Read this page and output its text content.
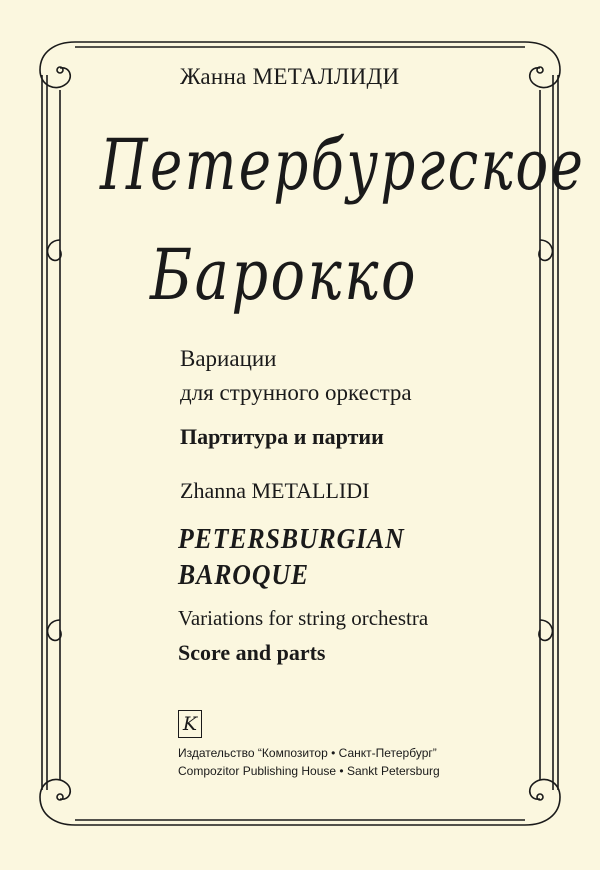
Жанна МЕТАЛЛИДИ
Петербургское
Барокко
Вариации
для струнного оркестра
Партитура и партии
Zhanna METALLIDI
PETERSBURGIAN
BAROQUE
Variations for string orchestra
Score and parts
K
Издательство “Композитор • Санкт-Петербург”
Compozitor Publishing House • Sankt Petersburg
